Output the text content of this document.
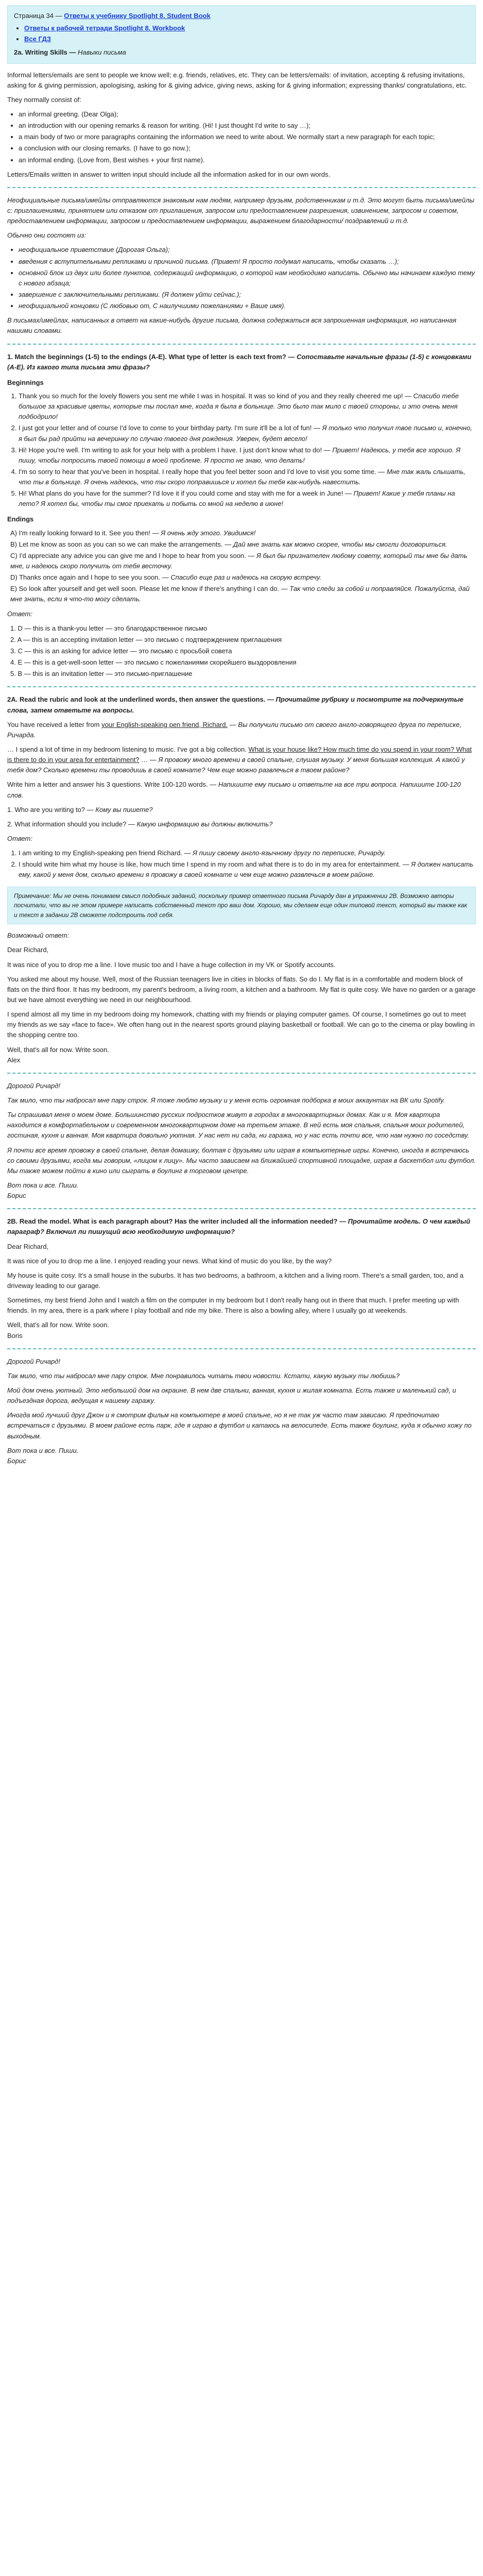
Страница 34 — Ответы к учебнику Spotlight 8. Student Book

• Ответы к рабочей тетради Spotlight 8. Workbook
• Все ГДЗ

2a. Writing Skills — Навыки письма

Informal letters/emails are sent to people we know well; e.g. friends, relatives, etc. They can be letters/emails: of invitation, accepting & refusing invitations, asking for & giving permission, apologising, asking for & giving advice, giving news, asking for & giving information; expressing thanks/ congratulations, etc.

They normally consist of:

• an informal greeting. (Dear Olga);
• an introduction with our opening remarks & reason for writing. (Hi! I just thought I'd write to say …);
• a main body of two or more paragraphs containing the information we need to write about. We normally start a new paragraph for each topic;
• a conclusion with our closing remarks. (I have to go now.);
• an informal ending. (Love from, Best wishes + your first name).

Letters/Emails written in answer to written input should include all the information asked for in our own words.

Неофициальные письма/имейлы отправляются знакомым нам людям, например друзьям, родственникам и т.д. Это могут быть письма/имейлы с: приглашениями, принятием или отказом от приглашения, запросом или предоставлением разрешения, извинением, запросом и советом, предоставлением информации, запросом и предоставлением информации, выражением благодарности/ поздравлений и т.д.

Обычно они состоят из:

• неофициальное приветствие (Дорогая Ольга);
• введения с вступительными репликами и причиной письма. (Привет! Я просто подумал написать, чтобы сказать …);
• основной блок из двух или более пунктов, содержащий информацию, о которой нам необходимо написать. Обычно мы начинаем каждую тему с нового абзаца;
• завершение с заключительными репликами. (Я должен уйти сейчас.);
• неофициальной концовки (С любовью от, С наилучшими пожеланиями + Ваше имя).

В письмах/имейлах, написанных в ответ на какие-нибудь другие письма, должна содержаться вся запрошенная информация, но написанная нашими словами.

1. Match the beginnings (1-5) to the endings (A-E). What type of letter is each text from? — Сопоставьте начальные фразы (1-5) с концовками (A-E). Из какого типа письма эти фразы?

Beginnings
1. Thank you so much for the lovely flowers you sent me while I was in hospital. It was so kind of you and they really cheered me up! — Спасибо тебе большое за красивые цветы, которые ты послал мне, когда я была в больнице. Это было так мило с твоей стороны, и это очень меня подбодрило!
2. I just got your letter and of course I'd love to come to your birthday party. I'm sure it'll be a lot of fun! — Я только что получил твое письмо и, конечно, я был бы рад прийти на вечеринку по случаю твоего дня рождения. Уверен, будет весело!
3. Hi! Hope you're well. I'm writing to ask for your help with a problem I have. I just don't know what to do! — Привет! Надеюсь, у тебя все хорошо. Я пишу, чтобы попросить твоей помощи в моей проблеме. Я просто не знаю, что делать!
4. I'm so sorry to hear that you've been in hospital. I really hope that you feel better soon and I'd love to visit you some time. — Мне так жаль слышать, что ты в больнице. Я очень надеюсь, что ты скоро поправишься и хотел бы тебя как-нибудь навестить.
5. Hi! What plans do you have for the summer? I'd love it if you could come and stay with me for a week in June! — Привет! Какие у тебя планы на лето? Я хотел бы, чтобы ты смог приехать и побыть со мной на неделю в июне!
Endings
A) I'm really looking forward to it. See you then! — Я очень жду этого. Увидимся!
B) Let me know as soon as you can so we can make the arrangements. — Дай мне знать как можно скорее, чтобы мы смогли договориться.
C) I'd appreciate any advice you can give me and I hope to hear from you soon. — Я был бы признателен любому совету, который ты мне бы дать мне, и надеюсь скоро получить от тебя весточку.
D) Thanks once again and I hope to see you soon. — Спасибо еще раз и надеюсь на скорую встречу.
E) So look after yourself and get well soon. Please let me know if there's anything I can do. — Так что следи за собой и поправляйся. Пожалуйста, дай мне знать, если я что-то могу сделать.

Ответ:

1. D — this is a thank-you letter — это благодарственное письмо
2. A — this is an accepting invitation letter — это письмо с подтверждением приглашения
3. C — this is an asking for advice letter — это письмо с просьбой совета
4. E — this is a get-well-soon letter — это письмо с пожеланиями скорейшего выздоровления
5. B — this is an invitation letter — это письмо-приглашение

2A. Read the rubric and look at the underlined words, then answer the questions. — Прочитайте рубрику и посмотрите на подчеркнутые слова, затем ответьте на вопросы.

You have received a letter from your English-speaking pen friend, Richard. — Вы получили письмо от своего англо-говорящего друга по переписке, Ричарда.

… I spend a lot of time in my bedroom listening to music. I've got a big collection. What is your house like? How much time do you spend in your room? What is there to do in your area for entertainment? … — Я провожу много времени в своей спальне, слушая музыку. У меня большая коллекция. А какой у тебя дом? Сколько времени ты проводишь в своей комнате? Чем еще можно развлечься в твоем районе?

Write him a letter and answer his 3 questions. Write 100-120 words. — Напишите ему письмо и ответьте на все три вопроса. Напишите 100-120 слов.

1. Who are you writing to? — Кому вы пишете?

2. What information should you include? — Какую информацию вы должны включить?

Ответ:

1. I am writing to my English-speaking pen friend Richard. — Я пишу своему англо-язычному другу по переписке, Ричарду.
2. I should write him what my house is like, how much time I spend in my room and what there is to do in my area for entertainment. — Я должен написать ему, какой у меня дом, сколько времени я провожу в своей комнате и чем еще можно развлечься в моем районе.
Примечание: Мы не очень понимаем смысл подобных заданий, поскольку пример ответного письма Ричарду дан в упражнении 2B. Возможно авторы посчитали, что вы не этом примере написать собственный текст про ваш дом. Хорошо, мы сделаем еще один типовой текст, который вы также как и текст в задании 2B сможете подстроить под себя.

Возможный ответ:

Dear Richard,

It was nice of you to drop me a line. I love music too and I have a huge collection in my VK or Spotify accounts.

You asked me about my house. Well, most of the Russian teenagers live in cities in blocks of flats. So do I. My flat is in a comfortable and modern block of flats on the third floor. It has my bedroom, my parent's bedroom, a living room, a kitchen and a bathroom. My flat is quite cosy. We have no garden or a garage but we have almost everything we need in our neighbourhood.

I spend almost all my time in my bedroom doing my homework, chatting with my friends or playing computer games. Of course, I sometimes go out to meet my friends as we say «face to face». We often hang out in the nearest sports ground playing basketball or football. We can go to the cinema or play bowling in the shopping centre too.

Well, that's all for now. Write soon.

Alex

Дорогой Ричард!

Так мило, что ты набросал мне пару строк. Я тоже люблю музыку и у меня есть огромная подборка в моих аккаунтах на ВК или Spotify.

Ты спрашивал меня о моем доме. Большинство русских подростков живут в городах в многоквартирных домах. Как и я. Моя квартира находится в комфортабельном и современном многоквартирном доме на третьем этаже. В ней есть моя спальня, спальня моих родителей, гостиная, кухня и ванная. Моя квартира довольно уютная. У нас нет ни сада, ни гаража, но у нас есть почти все, что нам нужно по соседству.

Я почти все время провожу в своей спальне, делая домашку, болтая с друзьями или играя в компьютерные игры. Конечно, иногда я встречаюсь со своими друзьями, когда мы говорим, «лицом к лицу». Мы часто зависаем на ближайшей спортивной площадке, играя в баскетбол или футбол. Мы также можем пойти в кино или сыграть в боулинг в торговом центре.

Вот пока и все. Пиши.

Борис

2B. Read the model. What is each paragraph about? Has the writer included all the information needed? — Прочитайте модель. О чем каждый параграф? Включил ли пишущий всю необходимую информацию?

Dear Richard,

It was nice of you to drop me a line. I enjoyed reading your news. What kind of music do you like, by the way?

My house is quite cosy. It's a small house in the suburbs. It has two bedrooms, a bathroom, a kitchen and a living room. There's a small garden, too, and a driveway leading to our garage.

Sometimes, my best friend John and I watch a film on the computer in my bedroom but I don't really hang out in there that much. I prefer meeting up with friends. In my area, there is a park where I play football and ride my bike. There is also a bowling alley, where I usually go at weekends.

Well, that's all for now. Write soon.

Boris

Дорогой Ричард!

Так мило, что ты набросал мне пару строк. Мне понравилось читать твои новости. Кстати, какую музыку ты любишь?

Мой дом очень уютный. Это небольшой дом на окраине. В нем две спальни, ванная, кухня и жилая комната. Есть также и маленький сад, и подъездная дорога, ведущая к нашему гаражу.

Иногда мой лучший друг Джон и я смотрим фильм на компьютере в моей спальне, но я не так уж часто там зависаю. Я предпочитаю встречаться с друзьями. В моем районе есть парк, где я играю в футбол и катаюсь на велосипеде. Есть также боулинг, куда я обычно хожу по выходным.

Вот пока и все. Пиши.

Борис
